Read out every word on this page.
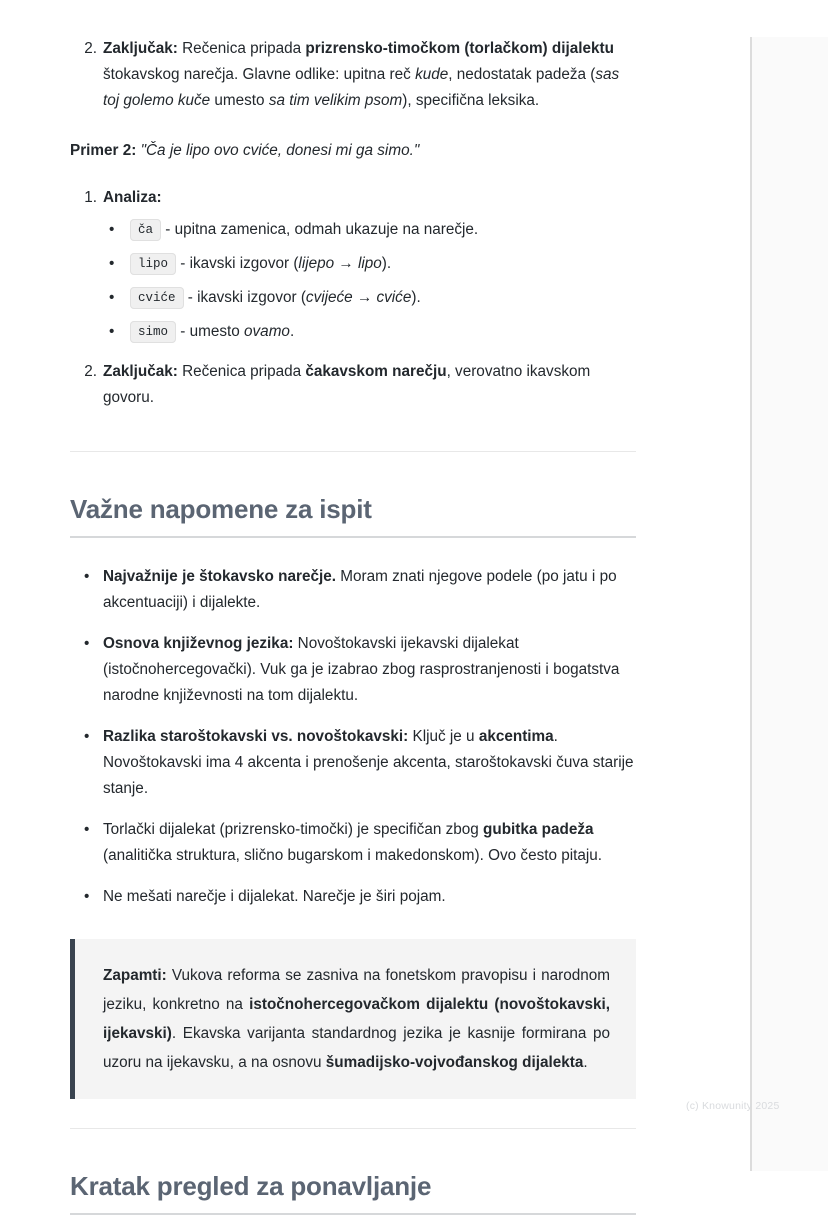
2. Zaključak: Rečenica pripada prizrensko-timočkom (torlačkom) dijalektu štokavskog narečja. Glavne odlike: upitna reč kude, nedostatak padeža (sas toj golemo kuče umesto sa tim velikim psom), specifična leksika.

Primer 2: "Ča je lipo ovo cviće, donesi mi ga simo."

1. Analiza:
• ča - upitna zamenica, odmah ukazuje na narečje.
• lipo - ikavski izgovor (lijepo → lipo).
• cviće - ikavski izgovor (cvijeće → cviće).
• simo - umesto ovamo.
2. Zaključak: Rečenica pripada čakavskom narečju, verovatno ikavskom govoru.
Važne napomene za ispit
• Najvažnije je štokavsko narečje. Moram znati njegove podele (po jatu i po akcentuaciji) i dijalekte.
• Osnova književnog jezika: Novoštokavski ijekavski dijalekat (istočnohercegovački). Vuk ga je izabrao zbog rasprostranjenosti i bogatstva narodne književnosti na tom dijalektu.
• Razlika staroštokavski vs. novoštokavski: Ključ je u akcentima. Novoštokavski ima 4 akcenta i prenošenje akcenta, staroštokavski čuva starije stanje.
• Torlački dijalekat (prizrensko-timočki) je specifičan zbog gubitka padeža (analitička struktura, slično bugarskom i makedonskom). Ovo često pitaju.
• Ne mešati narečje i dijalekat. Narečje je širi pojam.
Zapamti: Vukova reforma se zasniva na fonetskom pravopisu i narodnom jeziku, konkretno na istočnohercegovačkom dijalektu (novoštokavski, ijekavski). Ekavska varijanta standardnog jezika je kasnije formirana po uzoru na ijekavsku, a na osnovu šumadijsko-vojvođanskog dijalekta.
Kratak pregled za ponavljanje
(c) Knowunity 2025
